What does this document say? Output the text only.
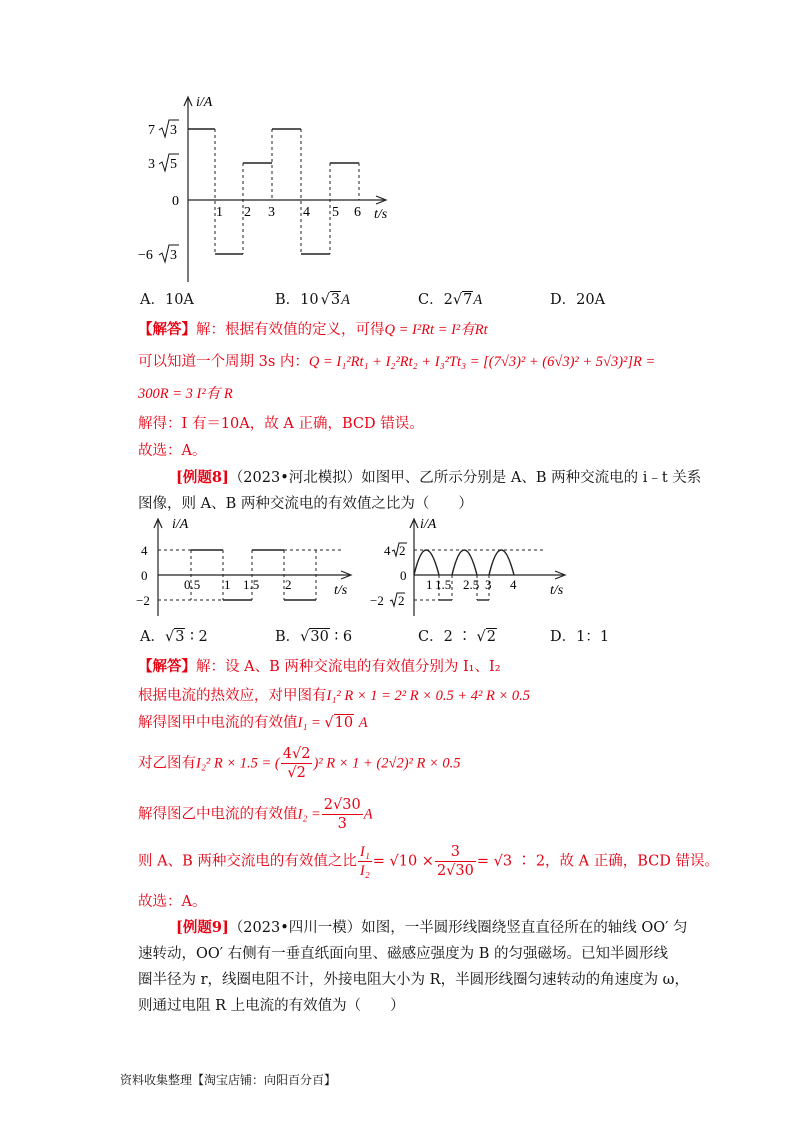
i/A
t/s
7 3
3 5
0
−6 3
1 2 3 4 5 6
A．10A	B．10 √3A	C．2√7A	D．20A
【解答】解：根据有效值的定义，可得Q = I²Rt = I²有Rt
可以知道一个周期 3s 内：Q = I₁²Rt₁ + I₂²Rt₂ + I₃²Tt₃ = [(7√3)² + (6√3)² + 5√3)²]R =
300R = 3 I²有 R
解得：I 有＝10A，故 A 正确，BCD 错误。
故选：A。
[例题8]（2023•河北模拟）如图甲、乙所示分别是 A、B 两种交流电的 i﹣t 关系
图像，则 A、B 两种交流电的有效值之比为（　　）
i/A
t/s
4
0
−2
0.5 1 1.5 2
i/A
t/s
4 2
0
−2 2
1 1.5 2.5 3 4
A．√3 ∶ 2	B．√30 ∶ 6	C．2 ∶ √2	D．1：1
【解答】解：设 A、B 两种交流电的有效值分别为 I₁、I₂
根据电流的热效应，对甲图有I₁² R × 1 = 2² R × 0.5 + 4² R × 0.5
解得图甲中电流的有效值I₁ = √10 A
对乙图有I₂² R × 1.5 = ( $\frac{4√2}{√2} )^2$ R × 1 + (2√2)² R × 0.5
解得图乙中电流的有效值$I_2 = \frac{2√30}{3}$ A
则 A、B 两种交流电的有效值之比 $\frac{\text{I₁}}{\text{I₂}} = √10 \times \frac{3}{2√30} = √3$ ∶ 2，故 A 正确，BCD 错误。
故选：A。
[例题9]（2023•四川一模）如图，一半圆形线圈绕竖直直径所在的轴线 OO′ 匀
速转动，OO′ 右侧有一垂直纸面向里、磁感应强度为 B 的匀强磁场。已知半圆形线
圈半径为 r，线圈电阻不计，外接电阻大小为 R，半圆形线圈匀速转动的角速度为 ω，
则通过电阻 R 上电流的有效值为（　　）
资料收集整理【淘宝店铺：向阳百分百】
